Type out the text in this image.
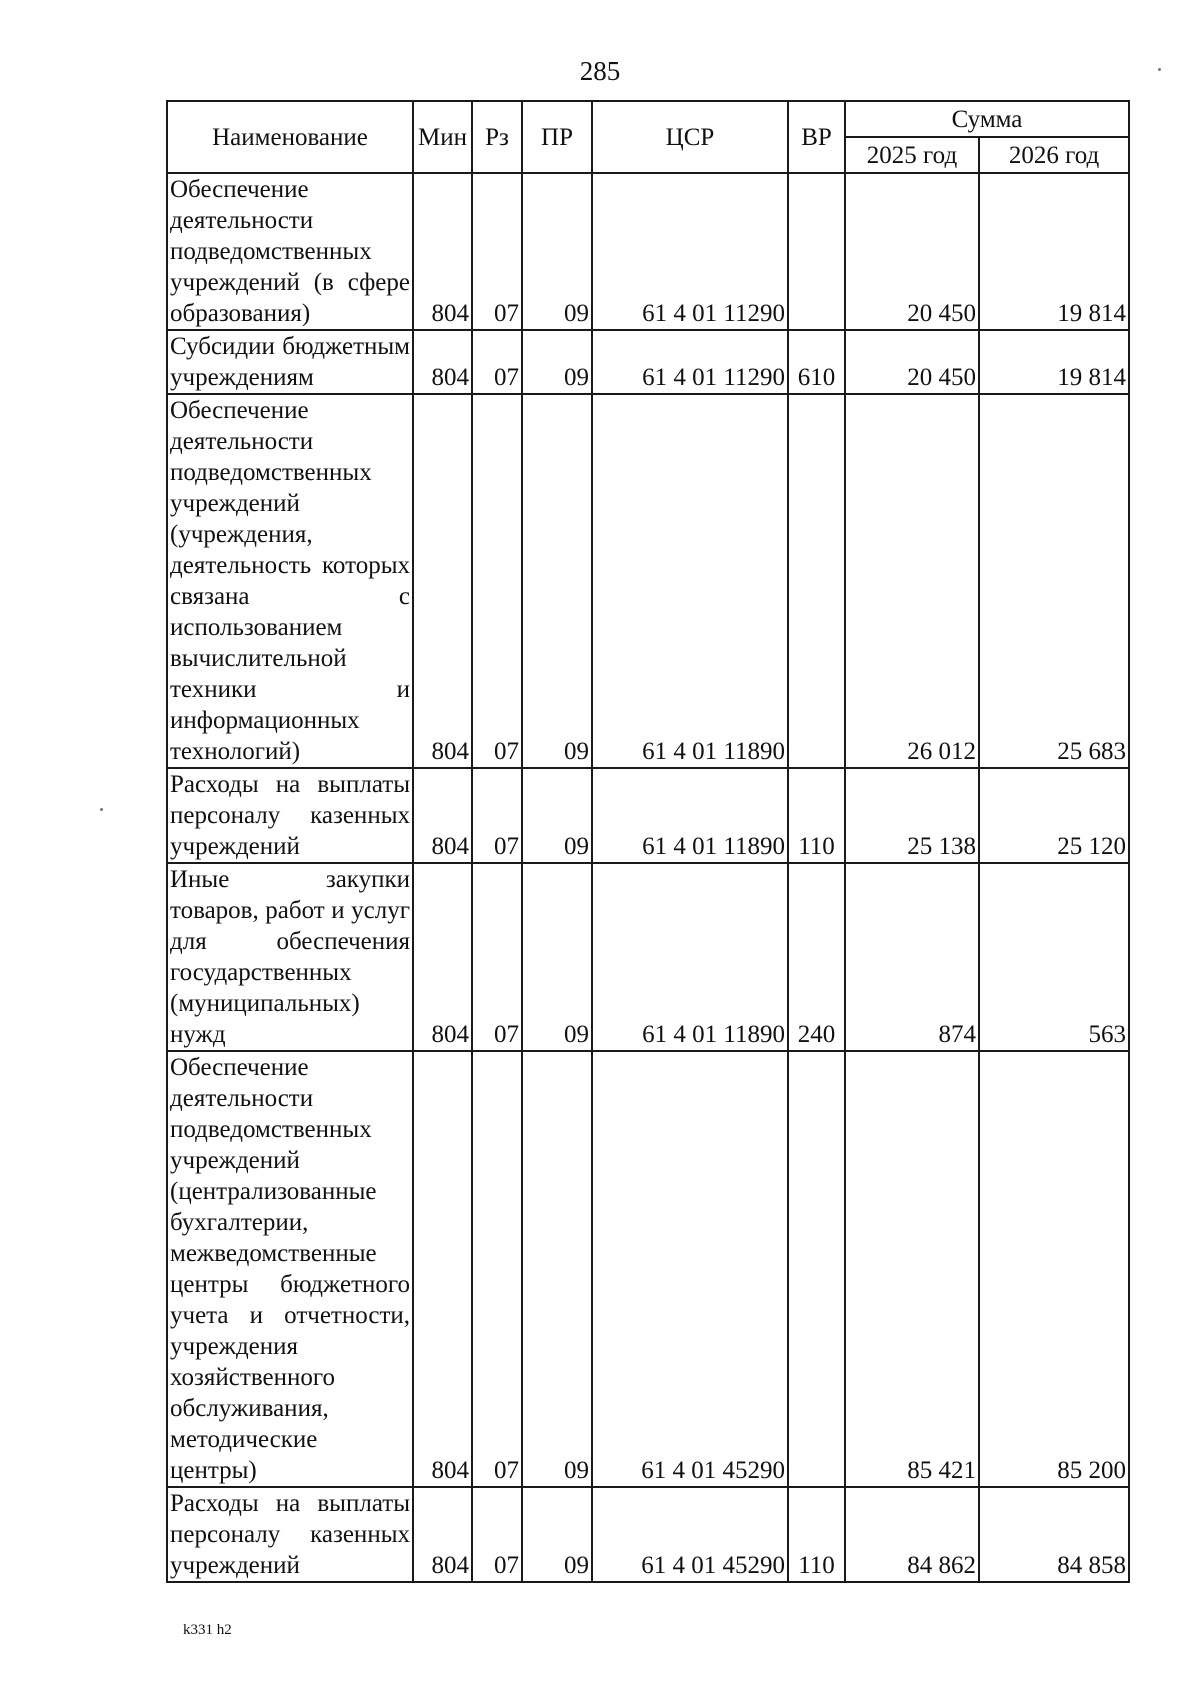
285
Наименование	Мин	Рз	ПР	ЦСР	ВР	Сумма	
						2025 год	2026 год
Обеспечение деятельности подведомственных учреждений (в сфере образования)	804	07	09	61 4 01 11290		20 450	19 814
Субсидии бюджетным учреждениям	804	07	09	61 4 01 11290	610	20 450	19 814
Обеспечение деятельности подведомственных учреждений (учреждения, деятельность которых связана с использованием вычислительной техники и информационных технологий)	804	07	09	61 4 01 11890		26 012	25 683
Расходы на выплаты персоналу казенных учреждений	804	07	09	61 4 01 11890	110	25 138	25 120
Иные закупки товаров, работ и услуг для обеспечения государственных (муниципальных) нужд	804	07	09	61 4 01 11890	240	874	563
Обеспечение деятельности подведомственных учреждений (централизованные бухгалтерии, межведомственные центры бюджетного учета и отчетности, учреждения хозяйственного обслуживания, методические центры)	804	07	09	61 4 01 45290		85 421	85 200
Расходы на выплаты персоналу казенных учреждений	804	07	09	61 4 01 45290	110	84 862	84 858
k331 h2
